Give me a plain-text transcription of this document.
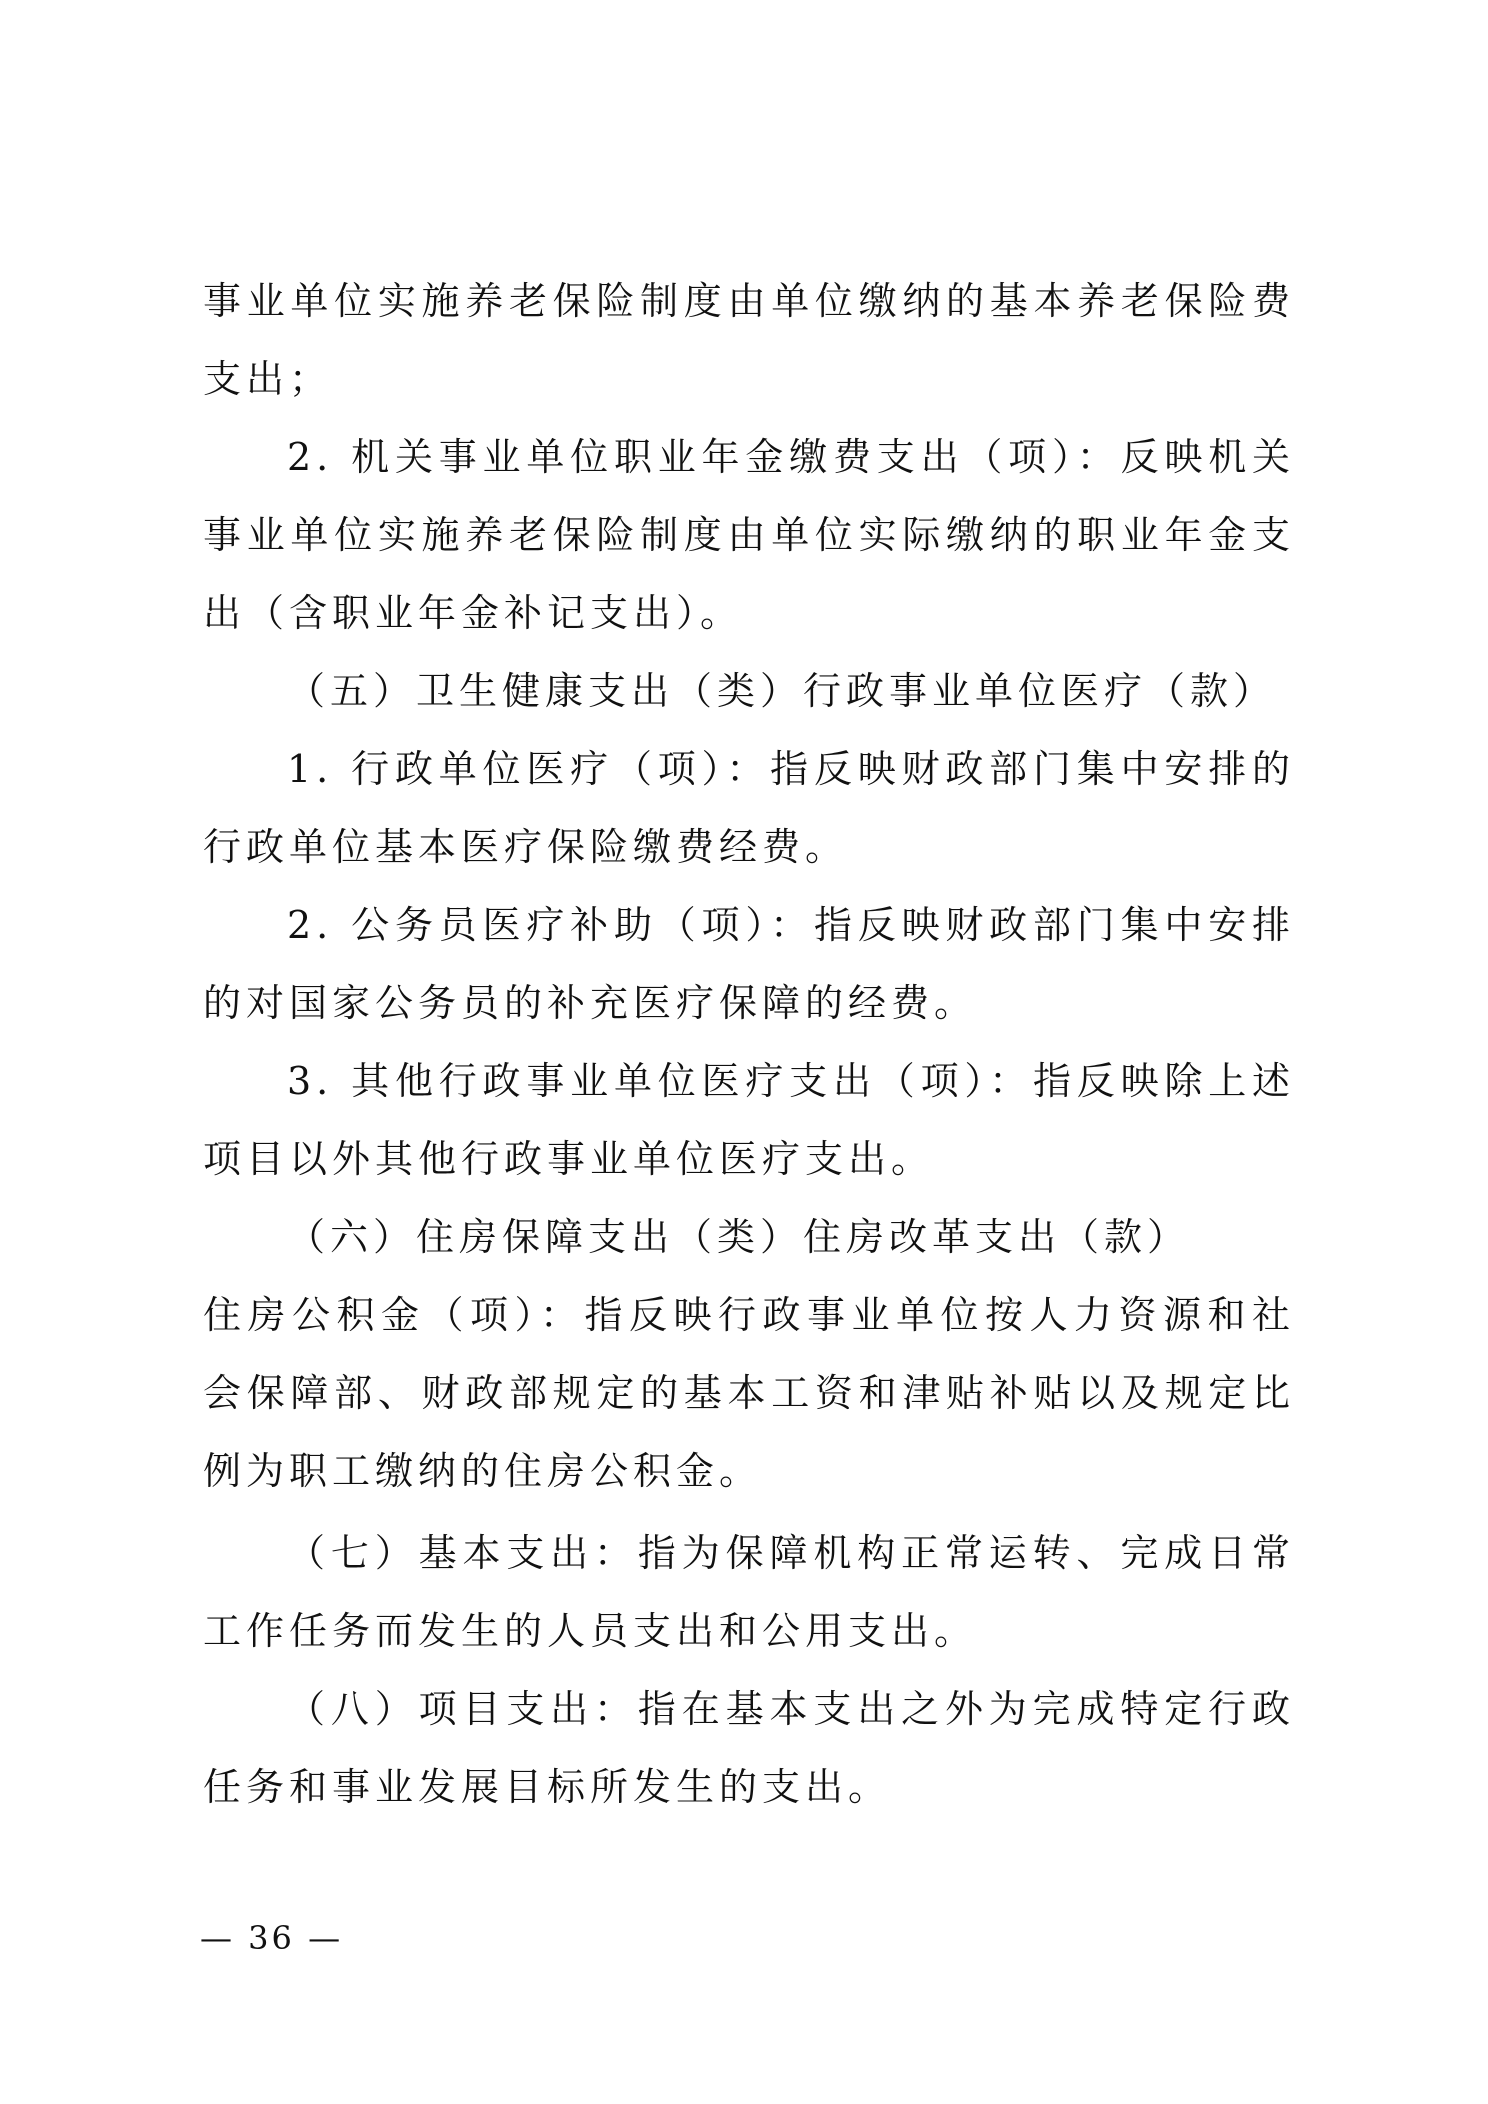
事业单位实施养老保险制度由单位缴纳的基本养老保险费支出；

2. 机关事业单位职业年金缴费支出（项）：反映机关事业单位实施养老保险制度由单位实际缴纳的职业年金支出（含职业年金补记支出）。

（五）卫生健康支出（类）行政事业单位医疗（款）

1. 行政单位医疗（项）：指反映财政部门集中安排的行政单位基本医疗保险缴费经费。

2. 公务员医疗补助（项）：指反映财政部门集中安排的对国家公务员的补充医疗保障的经费。

3. 其他行政事业单位医疗支出（项）：指反映除上述项目以外其他行政事业单位医疗支出。

（六）住房保障支出（类）住房改革支出（款）

住房公积金（项）：指反映行政事业单位按人力资源和社会保障部、财政部规定的基本工资和津贴补贴以及规定比例为职工缴纳的住房公积金。

（七）基本支出：指为保障机构正常运转、完成日常工作任务而发生的人员支出和公用支出。

（八）项目支出：指在基本支出之外为完成特定行政任务和事业发展目标所发生的支出。

— 36 —
